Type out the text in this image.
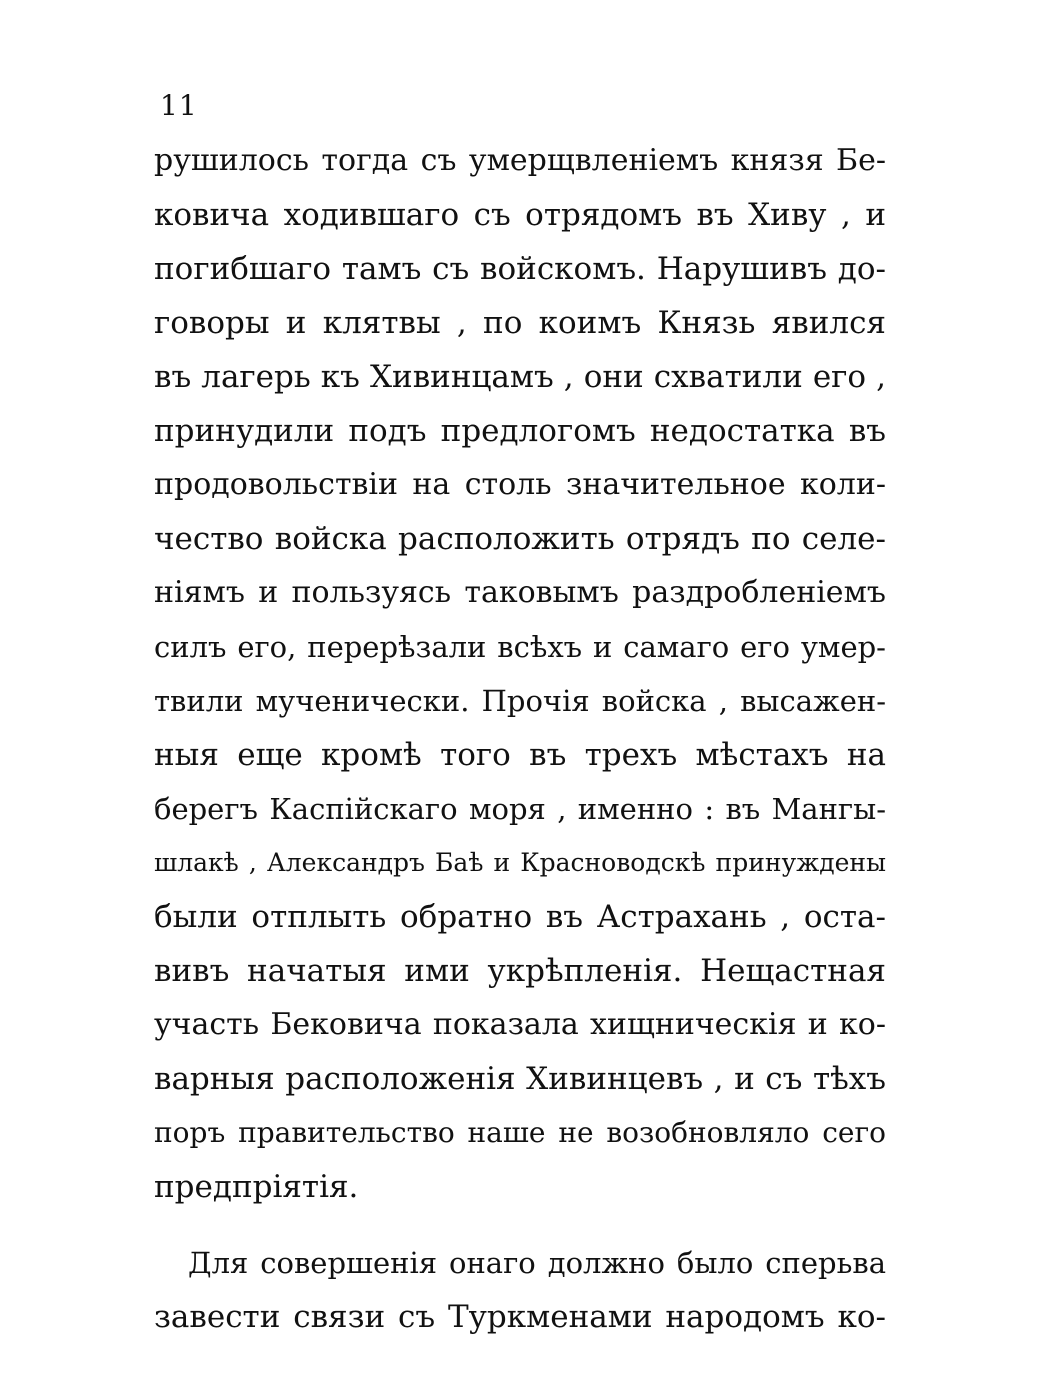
11
рушилось тогда съ умерщвленіемъ князя Бе-
ковича ходившаго съ отрядомъ въ Хиву , и
погибшаго тамъ съ войскомъ. Нарушивъ до-
говоры и клятвы , по коимъ Князь явился
въ лагерь къ Хивинцамъ , они схватили его ,
принудили подъ предлогомъ недостатка въ
продовольствіи на столь значительное коли-
чество войска расположить отрядъ по селе-
ніямъ и пользуясь таковымъ раздробленіемъ
силъ его, перерѣзали всѣхъ и самаго его умер-
твили мученически. Прочія войска , высажен-
ныя еще кромѣ того въ трехъ мѣстахъ на
берегъ Каспійскаго моря , именно : въ Мангы-
шлакѣ , Александръ Баѣ и Красноводскѣ принуждены
были отплыть обратно въ Астрахань , оста-
вивъ начатыя ими укрѣпленія. Нещастная
участь Бековича показала хищническія и ко-
варныя расположенія Хивинцевъ , и съ тѣхъ
поръ правительство наше не возобновляло сего
предпріятія.
Для совершенія онаго должно было сперьва
завести связи съ Туркменами народомъ ко-
